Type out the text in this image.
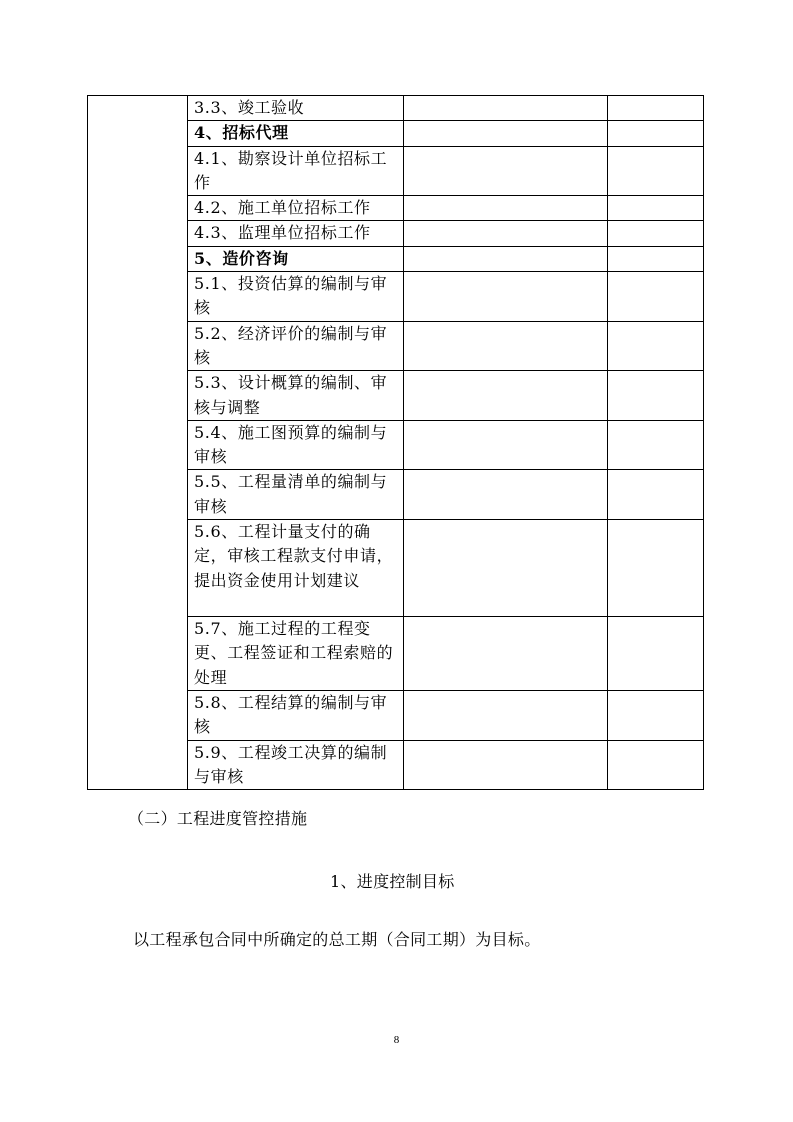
	3.3、竣工验收		
	4、招标代理		
	4.1、勘察设计单位招标工作		
	4.2、施工单位招标工作		
	4.3、监理单位招标工作		
	5、造价咨询		
	5.1、投资估算的编制与审核		
	5.2、经济评价的编制与审核		
	5.3、设计概算的编制、审核与调整		
	5.4、施工图预算的编制与审核		
	5.5、工程量清单的编制与审核		
	5.6、工程计量支付的确定，审核工程款支付申请，提出资金使用计划建议		
	5.7、施工过程的工程变更、工程签证和工程索赔的处理		
	5.8、工程结算的编制与审核		
	5.9、工程竣工决算的编制与审核		
（二）工程进度管控措施
1、进度控制目标
以工程承包合同中所确定的总工期（合同工期）为目标。
8
